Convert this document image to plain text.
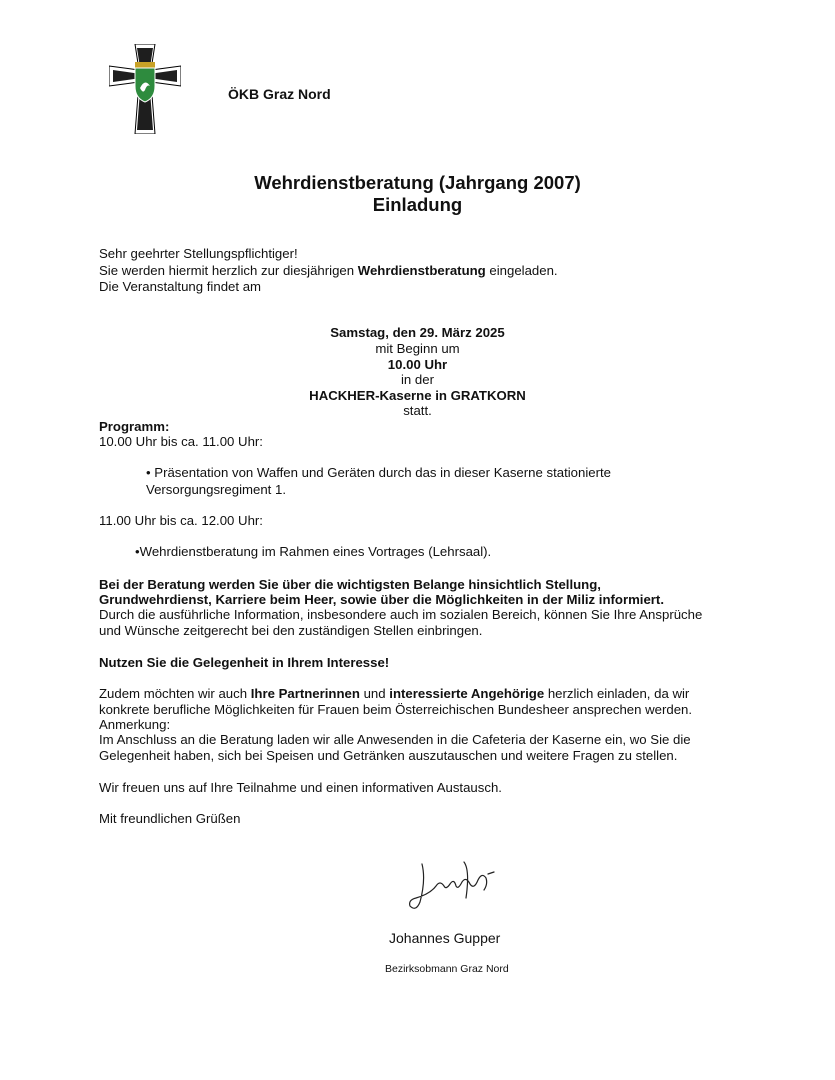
ÖKB Graz Nord
Wehrdienstberatung (Jahrgang 2007)
Einladung
Sehr geehrter Stellungspflichtiger!
Sie werden hiermit herzlich zur diesjährigen Wehrdienstberatung eingeladen.
Die Veranstaltung findet am
Samstag, den 29. März 2025
mit Beginn um
10.00 Uhr
in der
HACKHER-Kaserne in GRATKORN
statt.
Programm:
10.00 Uhr bis ca. 11.00 Uhr:
• Präsentation von Waffen und Geräten durch das in dieser Kaserne stationierte
Versorgungsregiment 1.
11.00 Uhr bis ca. 12.00 Uhr:
•Wehrdienstberatung im Rahmen eines Vortrages (Lehrsaal).
Bei der Beratung werden Sie über die wichtigsten Belange hinsichtlich Stellung,
Grundwehrdienst, Karriere beim Heer, sowie über die Möglichkeiten in der Miliz informiert.
Durch die ausführliche Information, insbesondere auch im sozialen Bereich, können Sie Ihre Ansprüche
und Wünsche zeitgerecht bei den zuständigen Stellen einbringen.
Nutzen Sie die Gelegenheit in Ihrem Interesse!
Zudem möchten wir auch Ihre Partnerinnen und interessierte Angehörige herzlich einladen, da wir
konkrete berufliche Möglichkeiten für Frauen beim Österreichischen Bundesheer ansprechen werden.
Anmerkung:
Im Anschluss an die Beratung laden wir alle Anwesenden in die Cafeteria der Kaserne ein, wo Sie die
Gelegenheit haben, sich bei Speisen und Getränken auszutauschen und weitere Fragen zu stellen.
Wir freuen uns auf Ihre Teilnahme und einen informativen Austausch.
Mit freundlichen Grüßen
Johannes Gupper
Bezirksobmann Graz Nord
